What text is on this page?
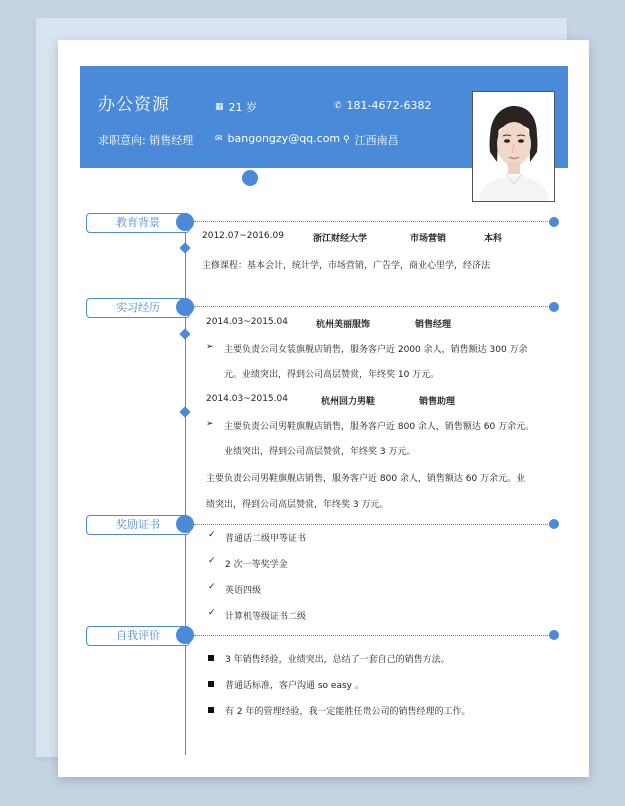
办公资源	▦ 21 岁	✆ 181-4672-6382
求职意向: 销售经理 ✉ bangongzy@qq.com ⚲ 江西南昌
教育背景
2012.07~2016.09	浙江财经大学	市场营销	本科
主修课程：基本会计，统计学，市场营销，广告学，商业心里学，经济法
实习经历
2014.03~2015.04	杭州美丽服饰	销售经理
➢ 主要负责公司女装旗舰店销售，服务客户近 2000 余人，销售额达 300 万余
元。业绩突出，得到公司高层赞赏，年终奖 10 万元。
2014.03~2015.04	杭州回力男鞋	销售助理
➢ 主要负责公司男鞋旗舰店销售，服务客户近 800 余人，销售额达 60 万余元。
业绩突出，得到公司高层赞赏，年终奖 3 万元。
主要负责公司男鞋旗舰店销售，服务客户近 800 余人，销售额达 60 万余元。业
绩突出，得到公司高层赞赏，年终奖 3 万元。
奖励证书
✓ 普通话二级甲等证书
✓ 2 次一等奖学金
✓ 英语四级
✓ 计算机等级证书二级
自我评价
3 年销售经验，业绩突出，总结了一套自己的销售方法。
普通话标准，客户沟通 so easy 。
有 2 年的管理经验，我一定能胜任贵公司的销售经理的工作。
